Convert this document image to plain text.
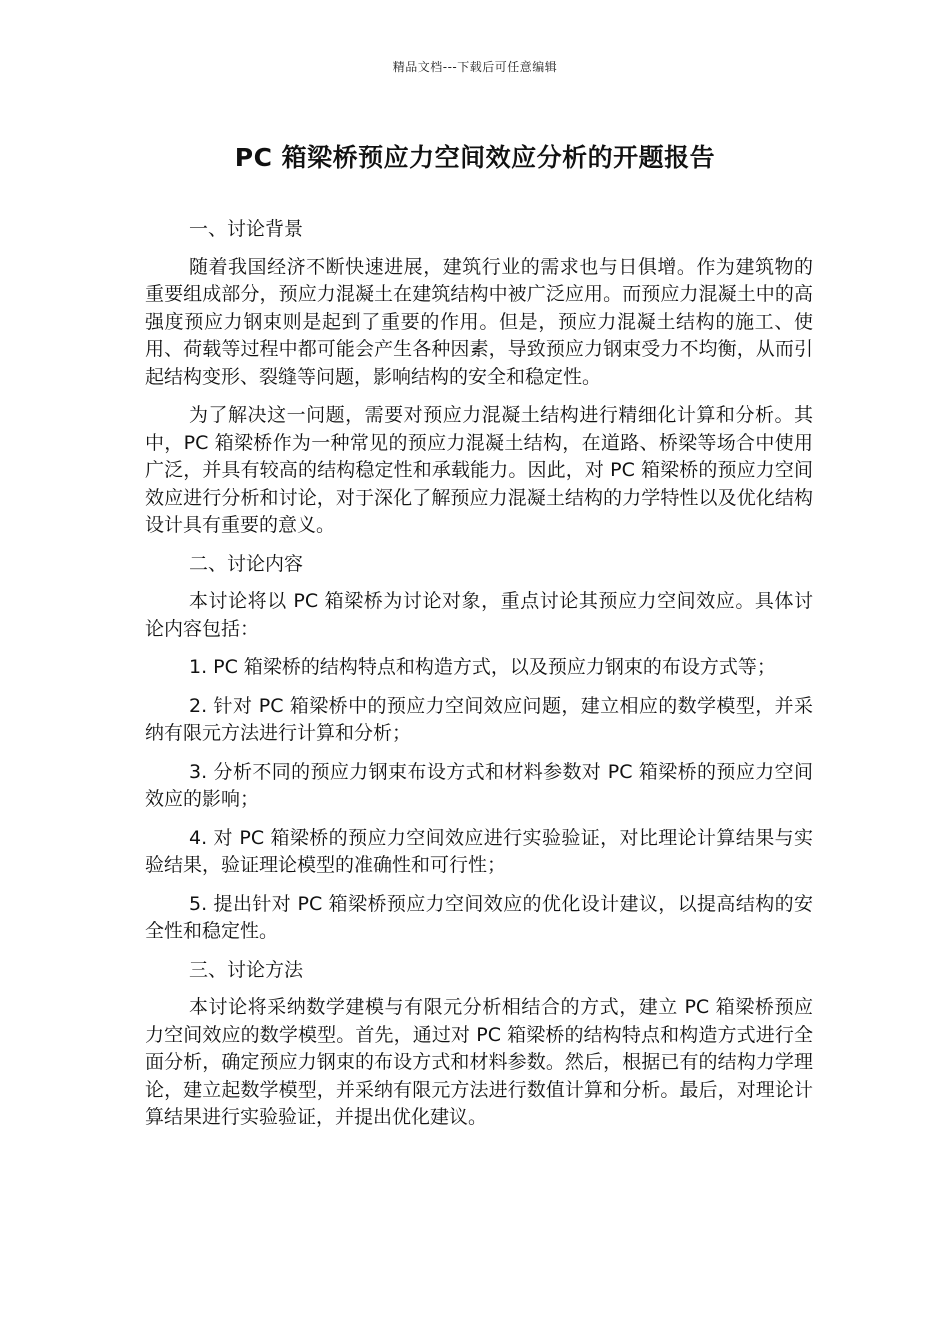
精品文档---下载后可任意编辑
PC 箱梁桥预应力空间效应分析的开题报告

一、讨论背景

随着我国经济不断快速进展，建筑行业的需求也与日俱增。作为建筑物的重要组成部分，预应力混凝土在建筑结构中被广泛应用。而预应力混凝土中的高强度预应力钢束则是起到了重要的作用。但是，预应力混凝土结构的施工、使用、荷载等过程中都可能会产生各种因素，导致预应力钢束受力不均衡，从而引起结构变形、裂缝等问题，影响结构的安全和稳定性。

为了解决这一问题，需要对预应力混凝土结构进行精细化计算和分析。其中，PC 箱梁桥作为一种常见的预应力混凝土结构，在道路、桥梁等场合中使用广泛，并具有较高的结构稳定性和承载能力。因此，对 PC 箱梁桥的预应力空间效应进行分析和讨论，对于深化了解预应力混凝土结构的力学特性以及优化结构设计具有重要的意义。

二、讨论内容

本讨论将以 PC 箱梁桥为讨论对象，重点讨论其预应力空间效应。具体讨论内容包括：

1. PC 箱梁桥的结构特点和构造方式，以及预应力钢束的布设方式等；

2. 针对 PC 箱梁桥中的预应力空间效应问题，建立相应的数学模型，并采纳有限元方法进行计算和分析；

3. 分析不同的预应力钢束布设方式和材料参数对 PC 箱梁桥的预应力空间效应的影响；

4. 对 PC 箱梁桥的预应力空间效应进行实验验证，对比理论计算结果与实验结果，验证理论模型的准确性和可行性；

5. 提出针对 PC 箱梁桥预应力空间效应的优化设计建议，以提高结构的安全性和稳定性。

三、讨论方法

本讨论将采纳数学建模与有限元分析相结合的方式，建立 PC 箱梁桥预应力空间效应的数学模型。首先，通过对 PC 箱梁桥的结构特点和构造方式进行全面分析，确定预应力钢束的布设方式和材料参数。然后，根据已有的结构力学理论，建立起数学模型，并采纳有限元方法进行数值计算和分析。最后，对理论计算结果进行实验验证，并提出优化建议。
